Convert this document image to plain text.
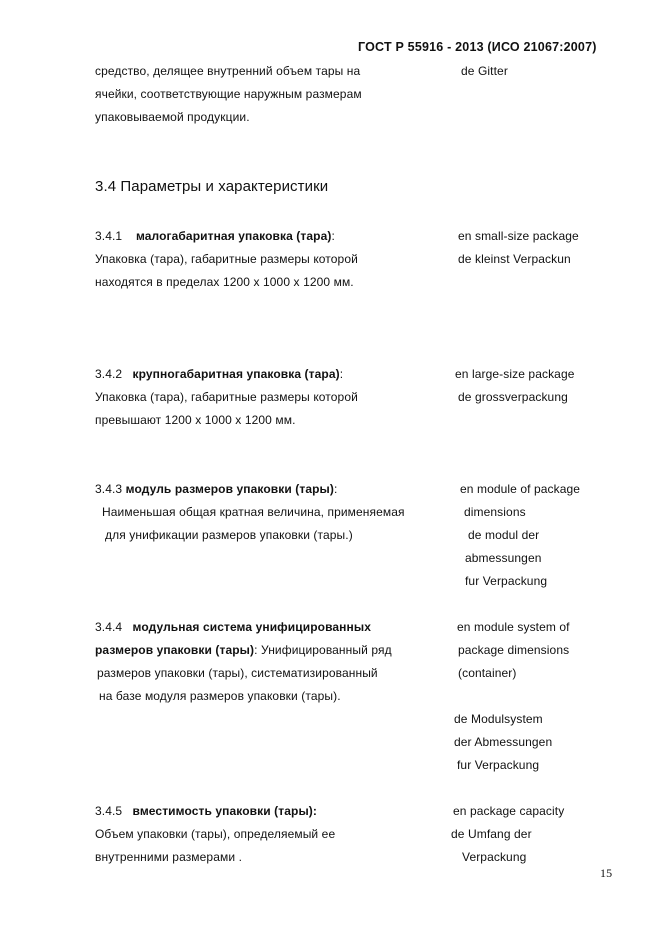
ГОСТ Р 55916 - 2013 (ИСО 21067:2007)
средство, делящее внутренний объем тары на
ячейки, соответствующие наружным размерам
упаковываемой продукции.
de Gitter
3.4 Параметры и характеристики
3.4.1 малогабаритная упаковка (тара):
Упаковка (тара), габаритные размеры которой
находятся в пределах 1200 х 1000 х 1200 мм.
en small-size package
de kleinst Verpackun
3.4.2 крупногабаритная упаковка (тара):
Упаковка (тара), габаритные размеры которой
превышают 1200 х 1000 х 1200 мм.
en large-size package
de grossverpackung
3.4.3 модуль размеров упаковки (тары):
Наименьшая общая кратная величина, применяемая
для унификации размеров упаковки (тары.)
en module of package
dimensions
de modul der
abmessungen
fur Verpackung
3.4.4 модульная система унифицированных
размеров упаковки (тары): Унифицированный ряд
размеров упаковки (тары), систематизированный
на базе модуля размеров упаковки (тары).
en module system of
package dimensions
(container)
de Modulsystem
der Abmessungen
fur Verpackung
3.4.5 вместимость упаковки (тары):
Объем упаковки (тары), определяемый ее
внутренними размерами .
en package capacity
de Umfang der
Verpackung
15
